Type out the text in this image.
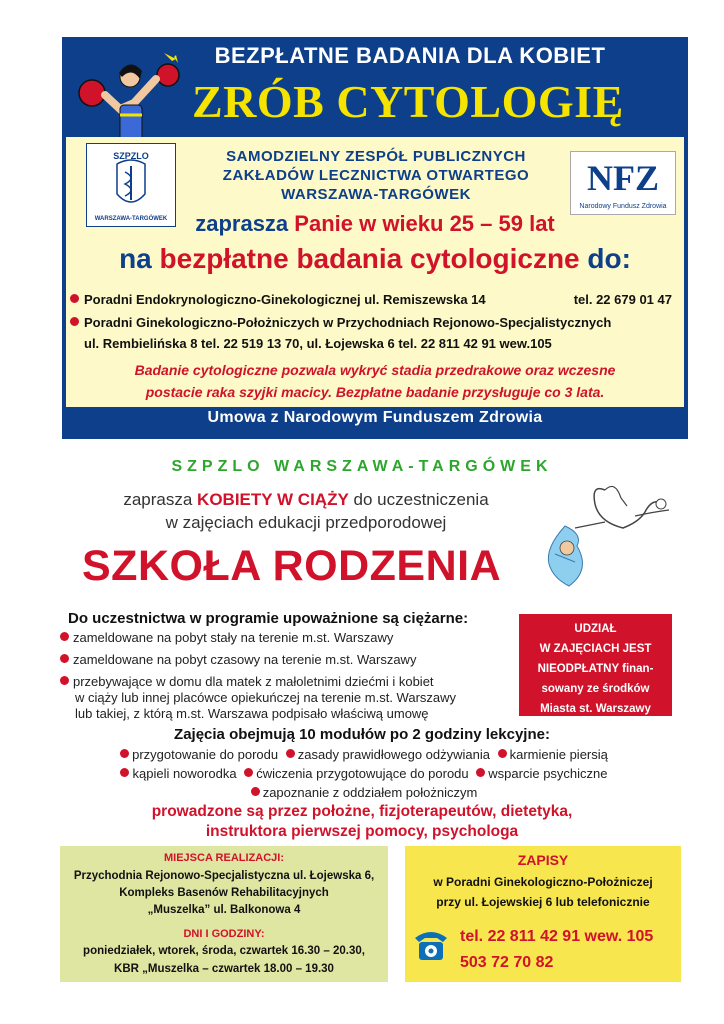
BEZPŁATNE BADANIA DLA KOBIET
ZRÓB CYTOLOGIĘ
SZPZLO
WARSZAWA-TARGÓWEK
SAMODZIELNY ZESPÓŁ PUBLICZNYCH
ZAKŁADÓW LECZNICTWA OTWARTEGO
WARSZAWA-TARGÓWEK	NFZ
Narodowy Fundusz Zdrowia
zaprasza Panie w wieku 25 – 59 lat
na bezpłatne badania cytologiczne do:
Poradni Endokrynologiczno-Ginekologicznej ul. Remiszewska 14	tel. 22 679 01 47
Poradni Ginekologiczno-Położniczych w Przychodniach Rejonowo-Specjalistycznych
ul. Rembielińska 8 tel. 22 519 13 70, ul. Łojewska 6 tel. 22 811 42 91 wew.105
Badanie cytologiczne pozwala wykryć stadia przedrakowe oraz wczesne
postacie raka szyjki macicy. Bezpłatne badanie przysługuje co 3 lata.
Umowa z Narodowym Funduszem Zdrowia
SZPZLO WARSZAWA-TARGÓWEK
zaprasza KOBIETY W CIĄŻY do uczestniczenia
w zajęciach edukacji przedporodowej
SZKOŁA RODZENIA
Do uczestnictwa w programie upoważnione są ciężarne:
zameldowane na pobyt stały na terenie m.st. Warszawy
zameldowane na pobyt czasowy na terenie m.st. Warszawy
przebywające w domu dla matek z małoletnimi dziećmi i kobiet
w ciąży lub innej placówce opiekuńczej na terenie m.st. Warszawy
lub takiej, z którą m.st. Warszawa podpisało właściwą umowę
UDZIAŁ
W ZAJĘCIACH JEST
NIEODPŁATNY finan-
sowany ze środków
Miasta st. Warszawy
Zajęcia obejmują 10 modułów po 2 godziny lekcyjne:
przygotowanie do porodu zasady prawidłowego odżywiania karmienie piersią
kąpieli noworodka ćwiczenia przygotowujące do porodu wsparcie psychiczne
zapoznanie z oddziałem położniczym
prowadzone są przez położne, fizjoterapeutów, dietetyka,
instruktora pierwszej pomocy, psychologa
MIEJSCA REALIZACJI:
Przychodnia Rejonowo-Specjalistyczna ul. Łojewska 6,
Kompleks Basenów Rehabilitacyjnych
„Muszelka” ul. Balkonowa 4
DNI I GODZINY:
poniedziałek, wtorek, środa, czwartek 16.30 – 20.30,
KBR „Muszelka – czwartek 18.00 – 19.30
ZAPISY
w Poradni Ginekologiczno-Położniczej
przy ul. Łojewskiej 6 lub telefonicznie
tel. 22 811 42 91 wew. 105
503 72 70 82
